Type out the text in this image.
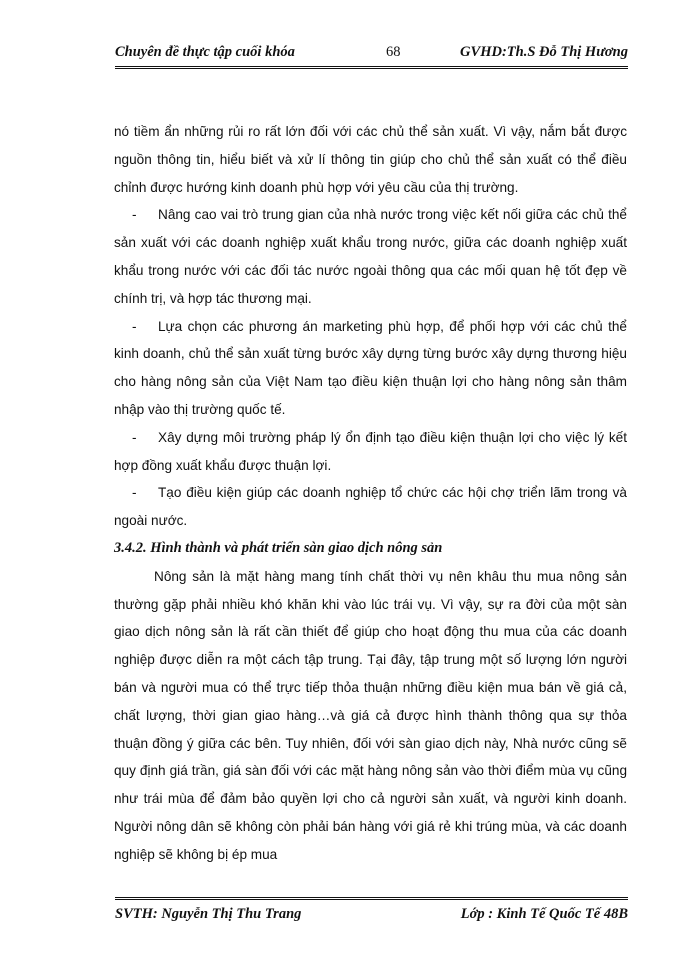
Chuyên đề thực tập cuối khóa	68	GVHD:Th.S Đỗ Thị Hương

nó tiềm ẩn những rủi ro rất lớn đối với các chủ thể sản xuất. Vì vậy, nắm bắt được nguồn thông tin, hiểu biết và xử lí thông tin giúp cho chủ thể sản xuất có thể điều chỉnh được hướng kinh doanh phù hợp với yêu cầu của thị trường.

- Nâng cao vai trò trung gian của nhà nước trong việc kết nối giữa các chủ thể sản xuất với các doanh nghiệp xuất khẩu trong nước, giữa các doanh nghiệp xuất khẩu trong nước với các đối tác nước ngoài thông qua các mối quan hệ tốt đẹp về chính trị, và hợp tác thương mại.

- Lựa chọn các phương án marketing phù hợp, để phối hợp với các chủ thể kinh doanh, chủ thể sản xuất từng bước xây dựng từng bước xây dựng thương hiệu cho hàng nông sản của Việt Nam tạo điều kiện thuận lợi cho hàng nông sản thâm nhập vào thị trường quốc tế.

- Xây dựng môi trường pháp lý ổn định tạo điều kiện thuận lợi cho việc lý kết hợp đồng xuất khẩu được thuận lợi.

- Tạo điều kiện giúp các doanh nghiệp tổ chức các hội chợ triển lãm trong và ngoài nước.

3.4.2. Hình thành và phát triển sàn giao dịch nông sản

Nông sản là mặt hàng mang tính chất thời vụ nên khâu thu mua nông sản thường gặp phải nhiều khó khăn khi vào lúc trái vụ. Vì vậy, sự ra đời của một sàn giao dịch nông sản là rất cần thiết để giúp cho hoạt động thu mua của các doanh nghiệp được diễn ra một cách tập trung. Tại đây, tập trung một số lượng lớn người bán và người mua có thể trực tiếp thỏa thuận những điều kiện mua bán về giá cả, chất lượng, thời gian giao hàng…và giá cả được hình thành thông qua sự thỏa thuận đồng ý giữa các bên. Tuy nhiên, đối với sàn giao dịch này, Nhà nước cũng sẽ quy định giá trần, giá sàn đối với các mặt hàng nông sản vào thời điểm mùa vụ cũng như trái mùa để đảm bảo quyền lợi cho cả người sản xuất, và người kinh doanh. Người nông dân sẽ không còn phải bán hàng với giá rẻ khi trúng mùa, và các doanh nghiệp sẽ không bị ép mua

SVTH: Nguyễn Thị Thu Trang	Lớp : Kinh Tế Quốc Tế 48B
